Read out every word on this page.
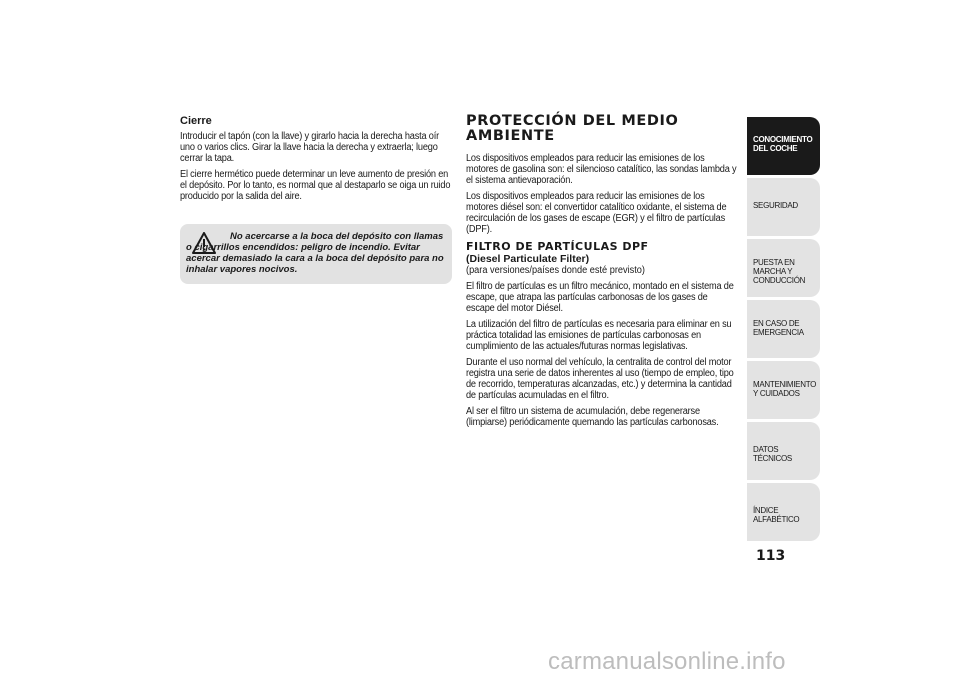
Cierre

Introducir el tapón (con la llave) y girarlo hacia la derecha hasta oír uno o varios clics. Girar la llave hacia la derecha y extraerla; luego cerrar la tapa.

El cierre hermético puede determinar un leve aumento de presión en el depósito. Por lo tanto, es normal que al destaparlo se oiga un ruido producido por la salida del aire.

No acercarse a la boca del depósito con llamas o cigarrillos encendidos: peligro de incendio. Evitar acercar demasiado la cara a la boca del depósito para no inhalar vapores nocivos.
PROTECCIÓN DEL MEDIO AMBIENTE

Los dispositivos empleados para reducir las emisiones de los motores de gasolina son: el silencioso catalítico, las sondas lambda y el sistema antievaporación.

Los dispositivos empleados para reducir las emisiones de los motores diésel son: el convertidor catalítico oxidante, el sistema de recirculación de los gases de escape (EGR) y el filtro de partículas (DPF).

FILTRO DE PARTÍCULAS DPF
(Diesel Particulate Filter)

(para versiones/países donde esté previsto)

El filtro de partículas es un filtro mecánico, montado en el sistema de escape, que atrapa las partículas carbonosas de los gases de escape del motor Diésel.

La utilización del filtro de partículas es necesaria para eliminar en su práctica totalidad las emisiones de partículas carbonosas en cumplimiento de las actuales/futuras normas legislativas.

Durante el uso normal del vehículo, la centralita de control del motor registra una serie de datos inherentes al uso (tiempo de empleo, tipo de recorrido, temperaturas alcanzadas, etc.) y determina la cantidad de partículas acumuladas en el filtro.

Al ser el filtro un sistema de acumulación, debe regenerarse (limpiarse) periódicamente quemando las partículas carbonosas.

CONOCIMIENTO DEL COCHE
SEGURIDAD
PUESTA EN MARCHA Y CONDUCCIÓN
EN CASO DE EMERGENCIA
MANTENIMIENTO Y CUIDADOS
DATOS TÉCNICOS
ÍNDICE ALFABÉTICO
113
carmanualsonline.info
